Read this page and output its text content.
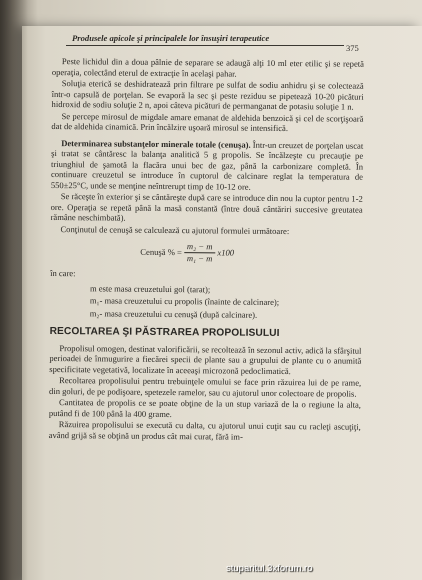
Produsele apicole şi principalele lor însuşiri terapeutice
375

Peste lichidul din a doua pâlnie de separare se adaugă alţi 10 ml eter etilic şi se repetă operaţia, colectând eterul de extracţie în acelaşi pahar.

Soluţia eterică se deshidratează prin filtrare pe sulfat de sodiu anhidru şi se colectează într-o capsulă de porţelan. Se evaporă la sec şi peste reziduu se pipetează 10-20 picături hidroxid de sodiu soluţie 2 n, apoi câteva picături de permanganat de potasiu soluţie 1 n.

Se percepe mirosul de migdale amare emanat de aldehida benzoică şi cel de scorţişoară dat de aldehida cinamică. Prin încălzire uşoară mirosul se intensifică.

Determinarea substanţelor minerale totale (cenuşa). Într-un creuzet de porţelan uscat şi tratat se cântăresc la balanţa analitică 5 g propolis. Se încălzeşte cu precauţie pe triunghiul de şamotă la flacăra unui bec de gaz, până la carbonizare completă. În continuare creuzetul se introduce în cuptorul de calcinare reglat la temperatura de 550±25°C, unde se menţine neîntrerupt timp de 10-12 ore.

Se răceşte în exterior şi se cântăreşte după care se introduce din nou la cuptor pentru 1-2 ore. Operaţia se repetă până la masă constantă (între două cântăriri succesive greutatea rămâne neschimbată).

Conţinutul de cenuşă se calculează cu ajutorul formulei următoare:

Cenuşă % = $\frac{\text{m₂ − m}}{\text{m₁ − m}} x100$
în care:
m este masa creuzetului gol (tarat);
m₁- masa creuzetului cu propolis (înainte de calcinare);
m₂- masa creuzetului cu cenuşă (după calcinare).
RECOLTAREA ŞI PĂSTRAREA PROPOLISULUI

Propolisul omogen, destinat valorificării, se recoltează în sezonul activ, adică la sfârşitul perioadei de înmugurire a fiecărei specii de plante sau a grupului de plante cu o anumită specificitate vegetativă, localizate în aceeaşi microzonă pedoclimatică.

Recoltarea propolisului pentru trebuinţele omului se face prin răzuirea lui de pe rame, din goluri, de pe podişoare, spetezele ramelor, sau cu ajutorul unor colectoare de propolis.

Cantitatea de propolis ce se poate obţine de la un stup variază de la o regiune la alta, putând fi de 100 până la 400 grame.

Răzuirea propolisului se execută cu dalta, cu ajutorul unui cuţit sau cu racleţi ascuţiţi, având grijă să se obţină un produs cât mai curat, fără im-

stuparitul.3xforum.ro
